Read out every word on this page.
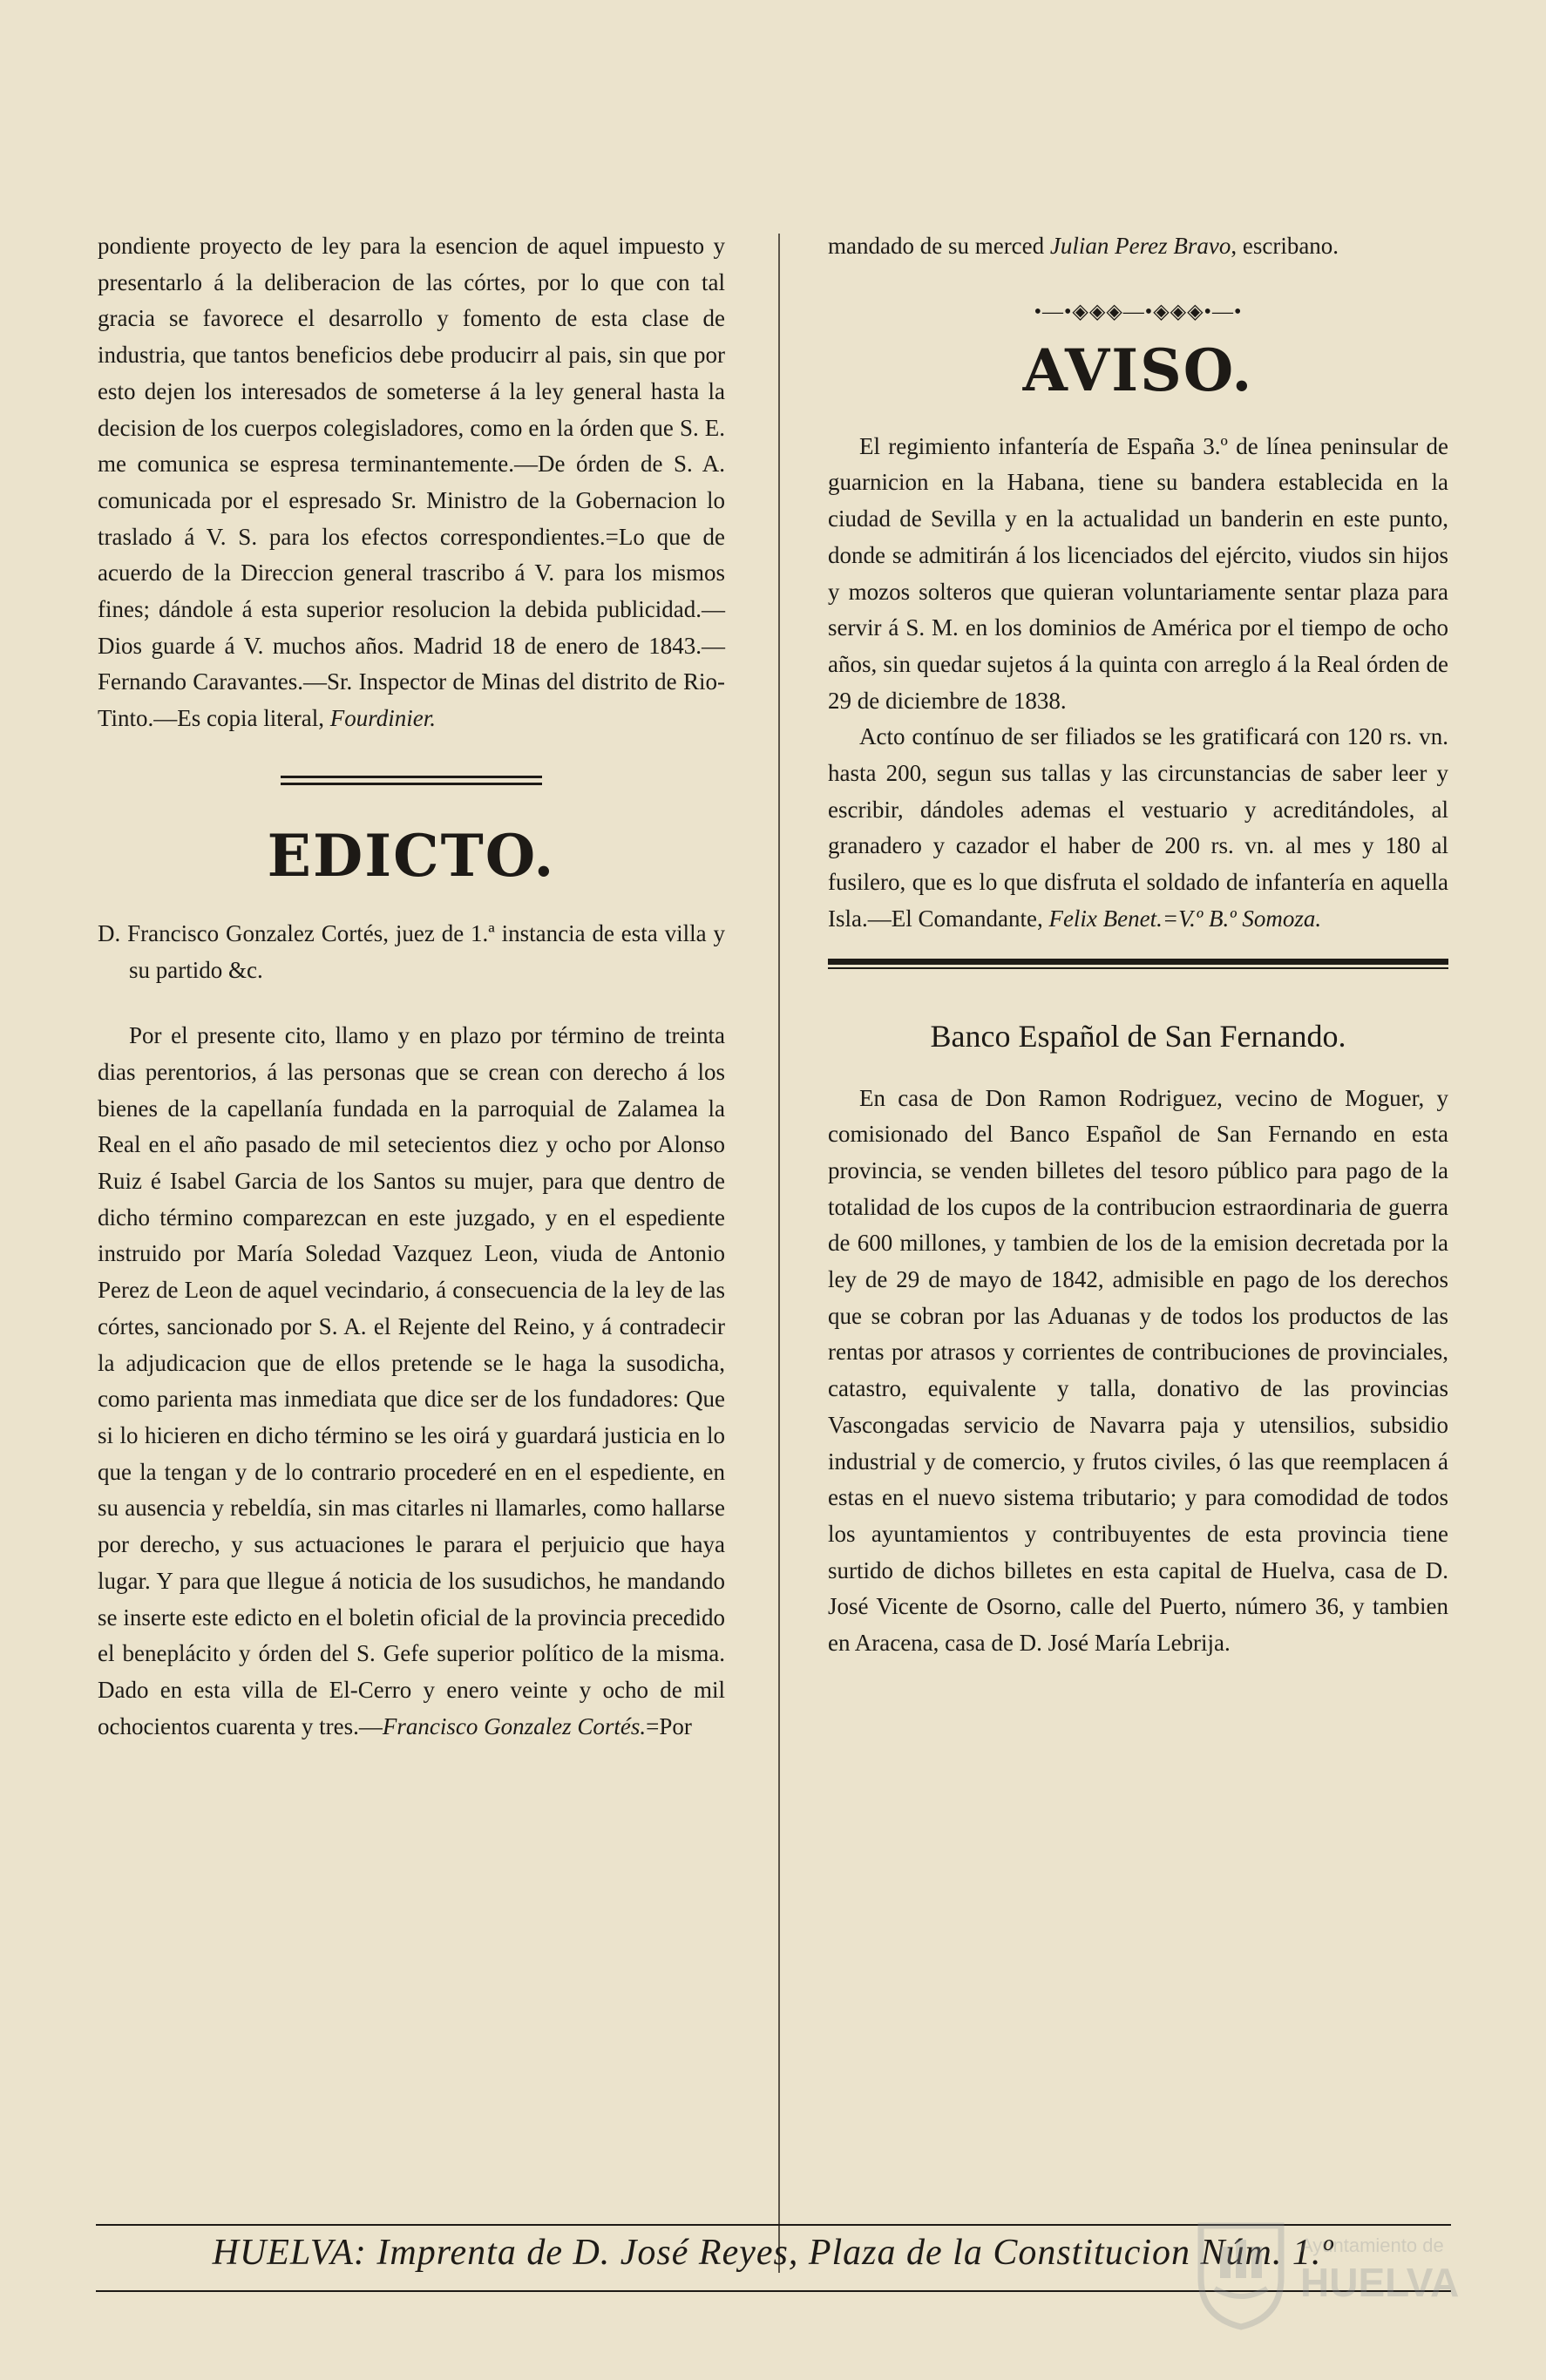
pondiente proyecto de ley para la esencion de aquel impuesto y presentarlo á la deliberacion de las córtes, por lo que con tal gracia se favorece el desarrollo y fomento de esta clase de industria, que tantos beneficios debe producirr al pais, sin que por esto dejen los interesados de someterse á la ley general hasta la decision de los cuerpos colegisladores, como en la órden que S. E. me comunica se espresa terminantemente.—De órden de S. A. comunicada por el espresado Sr. Ministro de la Gobernacion lo traslado á V. S. para los efectos correspondientes.=Lo que de acuerdo de la Direccion general trascribo á V. para los mismos fines; dándole á esta superior resolucion la debida publicidad.—Dios guarde á V. muchos años. Madrid 18 de enero de 1843.—Fernando Caravantes.—Sr. Inspector de Minas del distrito de Rio-Tinto.—Es copia literal, Fourdinier.

EDICTO.

D. Francisco Gonzalez Cortés, juez de 1.ª instancia de esta villa y su partido &c.

Por el presente cito, llamo y en plazo por término de treinta dias perentorios, á las personas que se crean con derecho á los bienes de la capellanía fundada en la parroquial de Zalamea la Real en el año pasado de mil setecientos diez y ocho por Alonso Ruiz é Isabel Garcia de los Santos su mujer, para que dentro de dicho término comparezcan en este juzgado, y en el espediente instruido por María Soledad Vazquez Leon, viuda de Antonio Perez de Leon de aquel vecindario, á consecuencia de la ley de las córtes, sancionado por S. A. el Rejente del Reino, y á contradecir la adjudicacion que de ellos pretende se le haga la susodicha, como parienta mas inmediata que dice ser de los fundadores: Que si lo hicieren en dicho término se les oirá y guardará justicia en lo que la tengan y de lo contrario procederé en en el espediente, en su ausencia y rebeldía, sin mas citarles ni llamarles, como hallarse por derecho, y sus actuaciones le parara el perjuicio que haya lugar. Y para que llegue á noticia de los susudichos, he mandando se inserte este edicto en el boletin oficial de la provincia precedido el beneplácito y órden del S. Gefe superior político de la misma. Dado en esta villa de El-Cerro y enero veinte y ocho de mil ochocientos cuarenta y tres.—Francisco Gonzalez Cortés.=Por

mandado de su merced Julian Perez Bravo, escribano.

•—•◈◈◈—•◈◈◈•—•
AVISO.

El regimiento infantería de España 3.º de línea peninsular de guarnicion en la Habana, tiene su bandera establecida en la ciudad de Sevilla y en la actualidad un banderin en este punto, donde se admitirán á los licenciados del ejército, viudos sin hijos y mozos solteros que quieran voluntariamente sentar plaza para servir á S. M. en los dominios de América por el tiempo de ocho años, sin quedar sujetos á la quinta con arreglo á la Real órden de 29 de diciembre de 1838.

Acto contínuo de ser filiados se les gratificará con 120 rs. vn. hasta 200, segun sus tallas y las circunstancias de saber leer y escribir, dándoles ademas el vestuario y acreditándoles, al granadero y cazador el haber de 200 rs. vn. al mes y 180 al fusilero, que es lo que disfruta el soldado de infantería en aquella Isla.—El Comandante, Felix Benet.=V.º B.º Somoza.

Banco Español de San Fernando.

En casa de Don Ramon Rodriguez, vecino de Moguer, y comisionado del Banco Español de San Fernando en esta provincia, se venden billetes del tesoro público para pago de la totalidad de los cupos de la contribucion estraordinaria de guerra de 600 millones, y tambien de los de la emision decretada por la ley de 29 de mayo de 1842, admisible en pago de los derechos que se cobran por las Aduanas y de todos los productos de las rentas por atrasos y corrientes de contribuciones de provinciales, catastro, equivalente y talla, donativo de las provincias Vascongadas servicio de Navarra paja y utensilios, subsidio industrial y de comercio, y frutos civiles, ó las que reemplacen á estas en el nuevo sistema tributario; y para comodidad de todos los ayuntamientos y contribuyentes de esta provincia tiene surtido de dichos billetes en esta capital de Huelva, casa de D. José Vicente de Osorno, calle del Puerto, número 36, y tambien en Aracena, casa de D. José María Lebrija.

HUELVA: Imprenta de D. José Reyes, Plaza de la Constitucion Núm. 1.º
Ayuntamiento de
HUELVA
